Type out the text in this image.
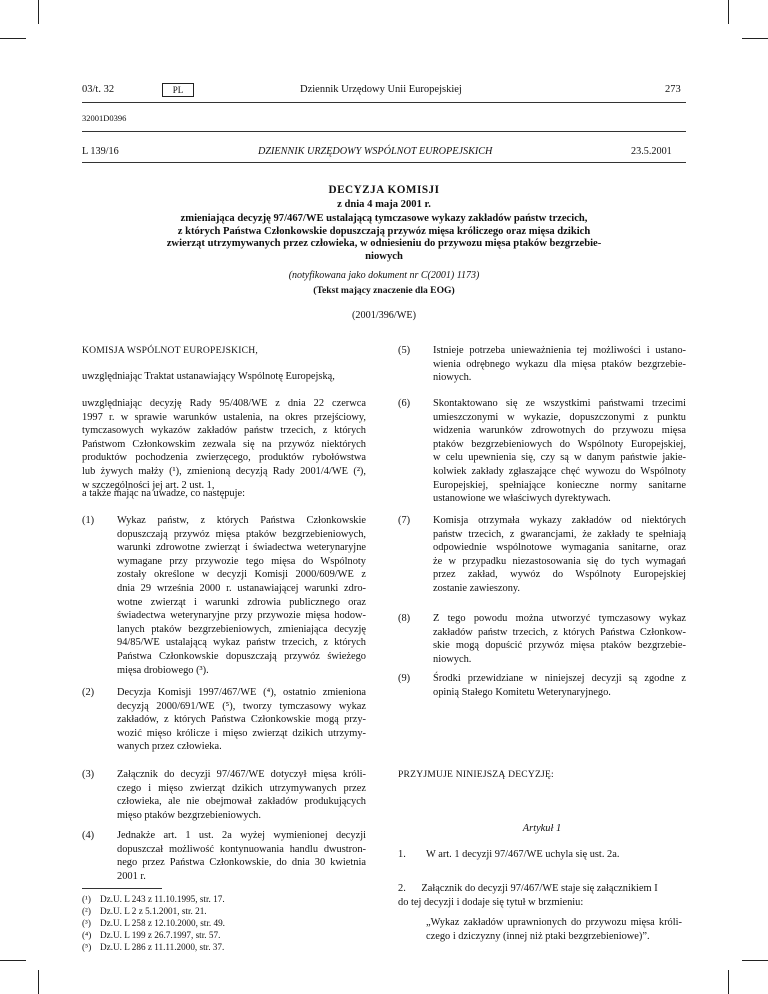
03/t. 32	PL	Dziennik Urzędowy Unii Europejskiej	273
32001D0396
L 139/16	DZIENNIK URZĘDOWY WSPÓLNOT EUROPEJSKICH	23.5.2001
DECYZJA KOMISJI
z dnia 4 maja 2001 r.
zmieniająca decyzję 97/467/WE ustalającą tymczasowe wykazy zakładów państw trzecich,
z których Państwa Członkowskie dopuszczają przywóz mięsa króliczego oraz mięsa dzikich
zwierząt utrzymywanych przez człowieka, w odniesieniu do przywozu mięsa ptaków bezgrzebie-
niowych
(notyfikowana jako dokument nr C(2001) 1173)
(Tekst mający znaczenie dla EOG)
(2001/396/WE)
KOMISJA WSPÓLNOT EUROPEJSKICH,
uwzględniając Traktat ustanawiający Wspólnotę Europejską,
uwzględniając decyzję Rady 95/408/WE z dnia 22 czerwca
1997 r. w sprawie warunków ustalenia, na okres przejściowy,
tymczasowych wykazów zakładów państw trzecich, z których
Państwom Członkowskim zezwala się na przywóz niektórych
produktów pochodzenia zwierzęcego, produktów rybołówstwa
lub żywych małży (¹), zmienioną decyzją Rady 2001/4/WE (²),
w szczególności jej art. 2 ust. 1,
a także mając na uwadze, co następuje:
(1) Wykaz państw, z których Państwa Członkowskie
dopuszczają przywóz mięsa ptaków bezgrzebieniowych,
warunki zdrowotne zwierząt i świadectwa weterynaryjne
wymagane przy przywozie tego mięsa do Wspólnoty
zostały określone w decyzji Komisji 2000/609/WE z
dnia 29 września 2000 r. ustanawiającej warunki zdro-
wotne zwierząt i warunki zdrowia publicznego oraz
świadectwa weterynaryjne przy przywozie mięsa hodow-
lanych ptaków bezgrzebieniowych, zmieniająca decyzję
94/85/WE ustalającą wykaz państw trzecich, z których
Państwa Członkowskie dopuszczają przywóz świeżego
mięsa drobiowego (³).
(2) Decyzja Komisji 1997/467/WE (⁴), ostatnio zmieniona
decyzją 2000/691/WE (⁵), tworzy tymczasowy wykaz
zakładów, z których Państwa Członkowskie mogą przy-
wozić mięso królicze i mięso zwierząt dzikich utrzymy-
wanych przez człowieka.
(3) Załącznik do decyzji 97/467/WE dotyczył mięsa króli-
czego i mięso zwierząt dzikich utrzymywanych przez
człowieka, ale nie obejmował zakładów produkujących
mięso ptaków bezgrzebieniowych.
(4) Jednakże art. 1 ust. 2a wyżej wymienionej decyzji
dopuszczał możliwość kontynuowania handlu dwustron-
nego przez Państwa Członkowskie, do dnia 30 kwietnia
2001 r.
(¹) Dz.U. L 243 z 11.10.1995, str. 17.
(²) Dz.U. L 2 z 5.1.2001, str. 21.
(³) Dz.U. L 258 z 12.10.2000, str. 49.
(⁴) Dz.U. L 199 z 26.7.1997, str. 57.
(⁵) Dz.U. L 286 z 11.11.2000, str. 37.
(5) Istnieje potrzeba unieważnienia tej możliwości i ustano-
wienia odrębnego wykazu dla mięsa ptaków bezgrzebie-
niowych.
(6) Skontaktowano się ze wszystkimi państwami trzecimi
umieszczonymi w wykazie, dopuszczonymi z punktu
widzenia warunków zdrowotnych do przywozu mięsa
ptaków bezgrzebieniowych do Wspólnoty Europejskiej,
w celu upewnienia się, czy są w danym państwie jakie-
kolwiek zakłady zgłaszające chęć wywozu do Wspólnoty
Europejskiej, spełniające konieczne normy sanitarne
ustanowione we właściwych dyrektywach.
(7) Komisja otrzymała wykazy zakładów od niektórych
państw trzecich, z gwarancjami, że zakłady te spełniają
odpowiednie wspólnotowe wymagania sanitarne, oraz
że w przypadku niezastosowania się do tych wymagań
przez zakład, wywóz do Wspólnoty Europejskiej
zostanie zawieszony.
(8) Z tego powodu można utworzyć tymczasowy wykaz
zakładów państw trzecich, z których Państwa Członkow-
skie mogą dopuścić przywóz mięsa ptaków bezgrzebie-
niowych.
(9) Środki przewidziane w niniejszej decyzji są zgodne z
opinią Stałego Komitetu Weterynaryjnego.
PRZYJMUJE NINIEJSZĄ DECYZJĘ:
Artykuł 1
1. W art. 1 decyzji 97/467/WE uchyla się ust. 2a.
2.      Załącznik do decyzji 97/467/WE staje się załącznikiem I
do tej decyzji i dodaje się tytuł w brzmieniu:
„Wykaz zakładów uprawnionych do przywozu mięsa króli-
czego i dziczyzny (innej niż ptaki bezgrzebieniowe)”.
